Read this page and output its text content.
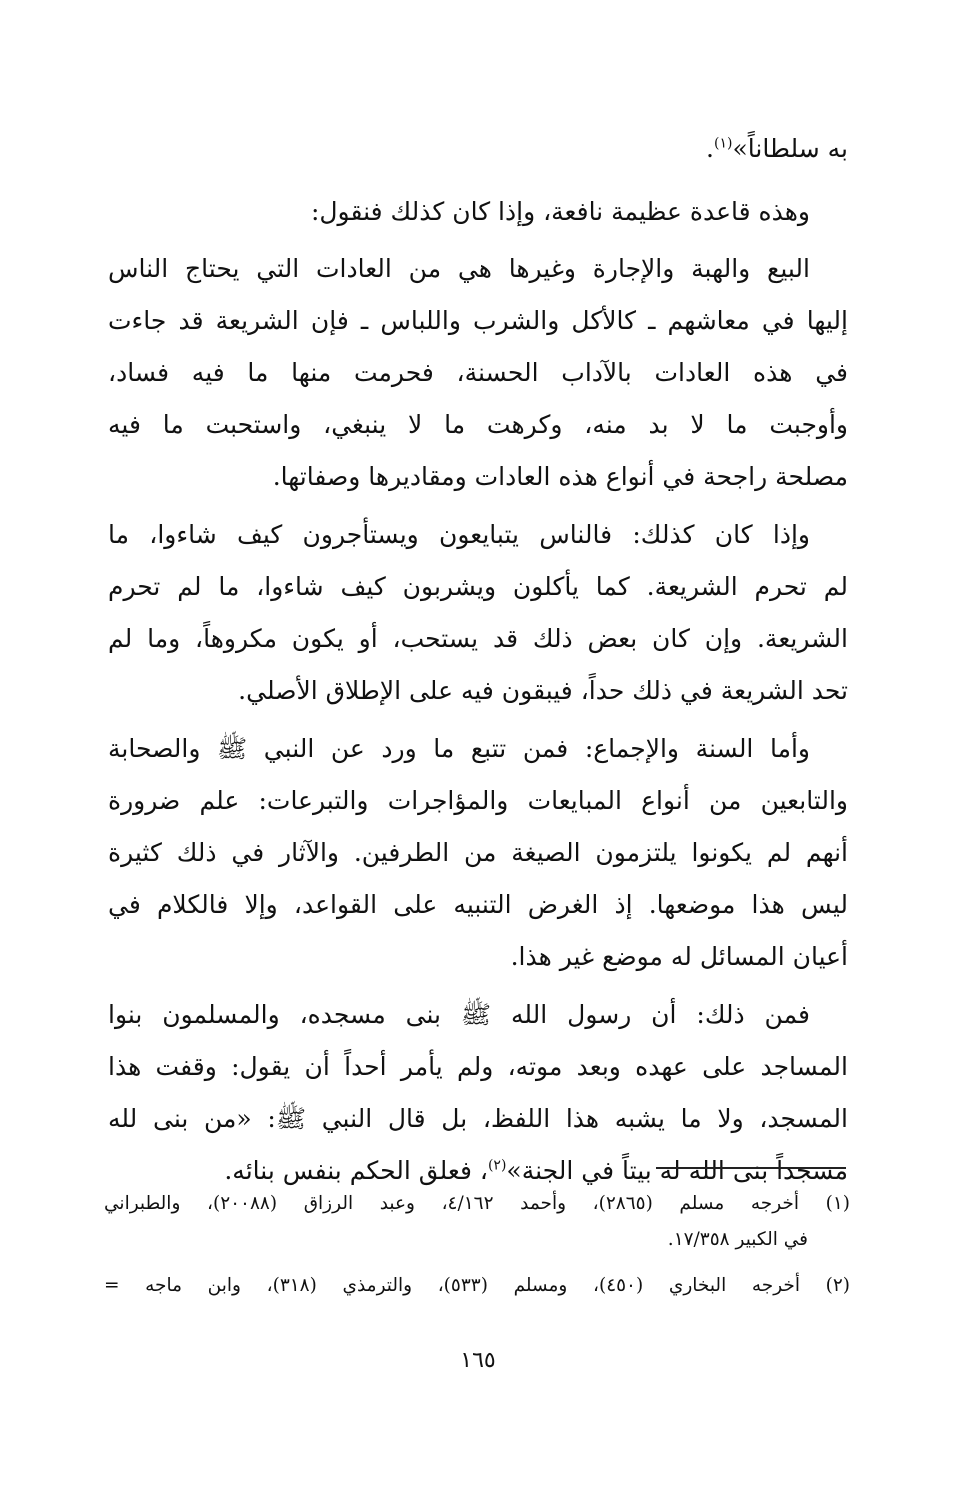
به سلطاناً»$^{(١)}$.
وهذه قاعدة عظيمة نافعة، وإذا كان كذلك فنقول:
البيع والهبة والإجارة وغيرها هي من العادات التي يحتاج الناس
إليها في معاشهم ـ كالأكل والشرب واللباس ـ فإن الشريعة قد جاءت
في هذه العادات بالآداب الحسنة، فحرمت منها ما فيه فساد،
وأوجبت ما لا بد منه، وكرهت ما لا ينبغي، واستحبت ما فيه
مصلحة راجحة في أنواع هذه العادات ومقاديرها وصفاتها.
وإذا كان كذلك: فالناس يتبايعون ويستأجرون كيف شاءوا، ما
لم تحرم الشريعة. كما يأكلون ويشربون كيف شاءوا، ما لم تحرم
الشريعة. وإن كان بعض ذلك قد يستحب، أو يكون مكروهاً، وما لم
تحد الشريعة في ذلك حداً، فيبقون فيه على الإطلاق الأصلي.
وأما السنة والإجماع: فمن تتبع ما ورد عن النبي ﷺ والصحابة
والتابعين من أنواع المبايعات والمؤاجرات والتبرعات: علم ضرورة
أنهم لم يكونوا يلتزمون الصيغة من الطرفين. والآثار في ذلك كثيرة
ليس هذا موضعها. إذ الغرض التنبيه على القواعد، وإلا فالكلام في
أعيان المسائل له موضع غير هذا.
فمن ذلك: أن رسول الله ﷺ بنى مسجده، والمسلمون بنوا
المساجد على عهده وبعد موته، ولم يأمر أحداً أن يقول: وقفت هذا
المسجد، ولا ما يشبه هذا اللفظ، بل قال النبي ﷺ: «من بنى لله
مسجداً بنى الله له بيتاً في الجنة»$^{(٢)}$، فعلق الحكم بنفس بنائه.
(١) أخرجه مسلم (٢٨٦٥)، وأحمد ٤/١٦٢، وعبد الرزاق (٢٠٠٨٨)، والطبراني
في الكبير ١٧/٣٥٨.
(٢) أخرجه البخاري (٤٥٠)، ومسلم (٥٣٣)، والترمذي (٣١٨)، وابن ماجه =
١٦٥
